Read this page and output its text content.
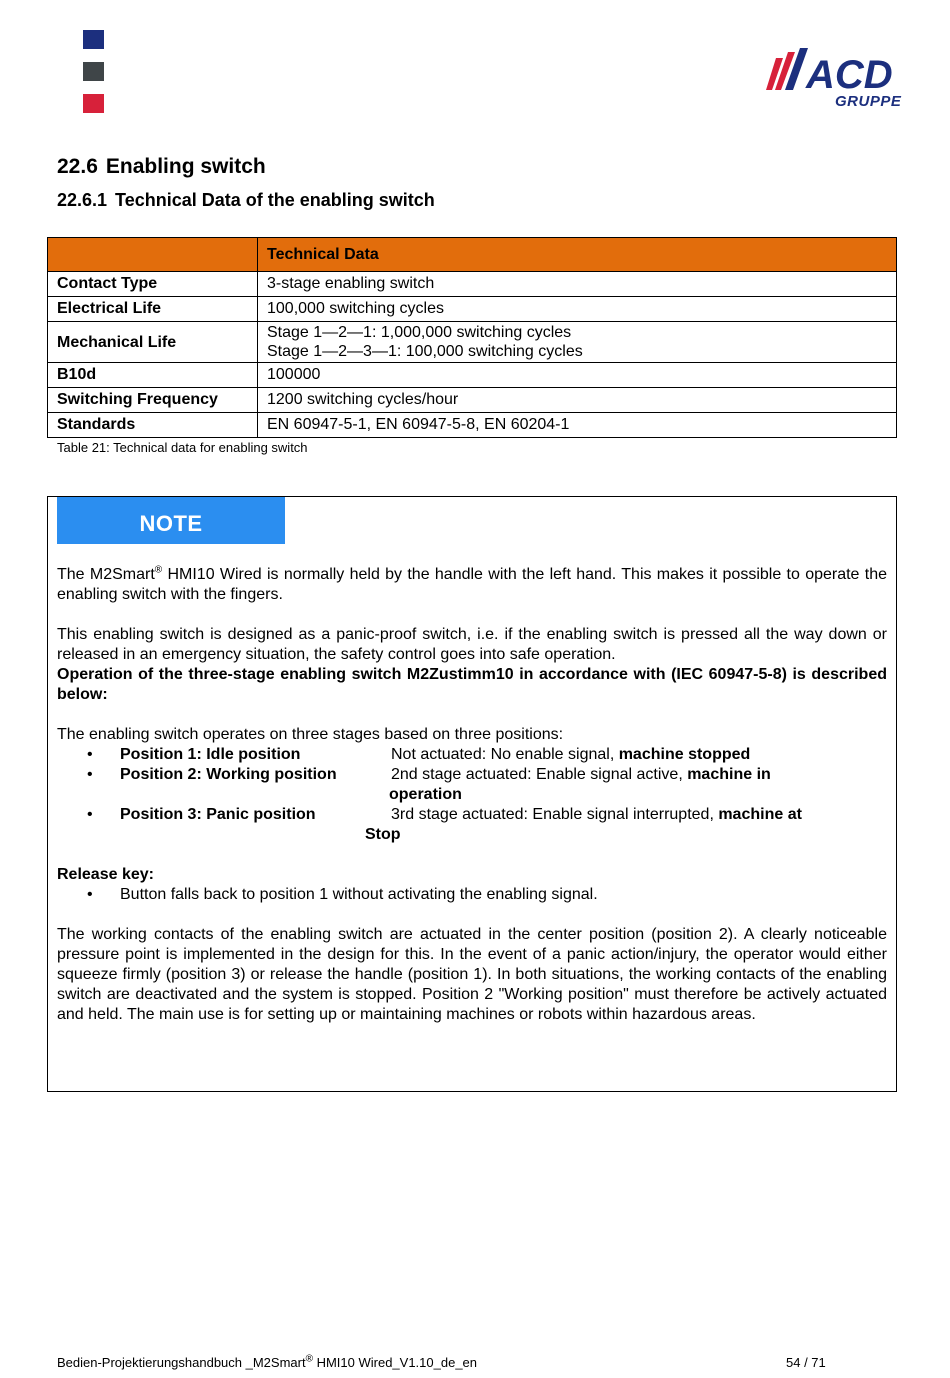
ACD
GRUPPE
22.6 Enabling switch
22.6.1 Technical Data of the enabling switch
	Technical Data
Contact Type	3-stage enabling switch
Electrical Life	100,000 switching cycles
Mechanical Life	Stage 1—2—1: 1,000,000 switching cycles
Stage 1—2—3—1: 100,000 switching cycles

B10d	100000
Switching Frequency	1200 switching cycles/hour
Standards	EN 60947-5-1, EN 60947-5-8, EN 60204-1
Table 21: Technical data for enabling switch
NOTE

The M2Smart® HMI10 Wired is normally held by the handle with the left hand. This makes it possible to operate the enabling switch with the fingers.

This enabling switch is designed as a panic-proof switch, i.e. if the enabling switch is pressed all the way down or released in an emergency situation, the safety control goes into safe operation.

Operation of the three-stage enabling switch M2Zustimm10 in accordance with (IEC 60947-5-8) is described below:

The enabling switch operates on three stages based on three positions:

• Position 1: Idle position	Not actuated: No enable signal, machine stopped
• Position 2: Working position	2nd stage actuated: Enable signal active, machine in
operation
• Position 3: Panic position	3rd stage actuated: Enable signal interrupted, machine at
Stop

Release key:

• Button falls back to position 1 without activating the enabling signal.

The working contacts of the enabling switch are actuated in the center position (position 2). A clearly noticeable pressure point is implemented in the design for this. In the event of a panic action/injury, the operator would either squeeze firmly (position 3) or release the handle (position 1). In both situations, the working contacts of the enabling switch are deactivated and the system is stopped. Position 2 "Working position" must therefore be actively actuated and held. The main use is for setting up or maintaining machines or robots within hazardous areas.

Bedien-Projektierungshandbuch _M2Smart® HMI10 Wired_V1.10_de_en	54 / 71
